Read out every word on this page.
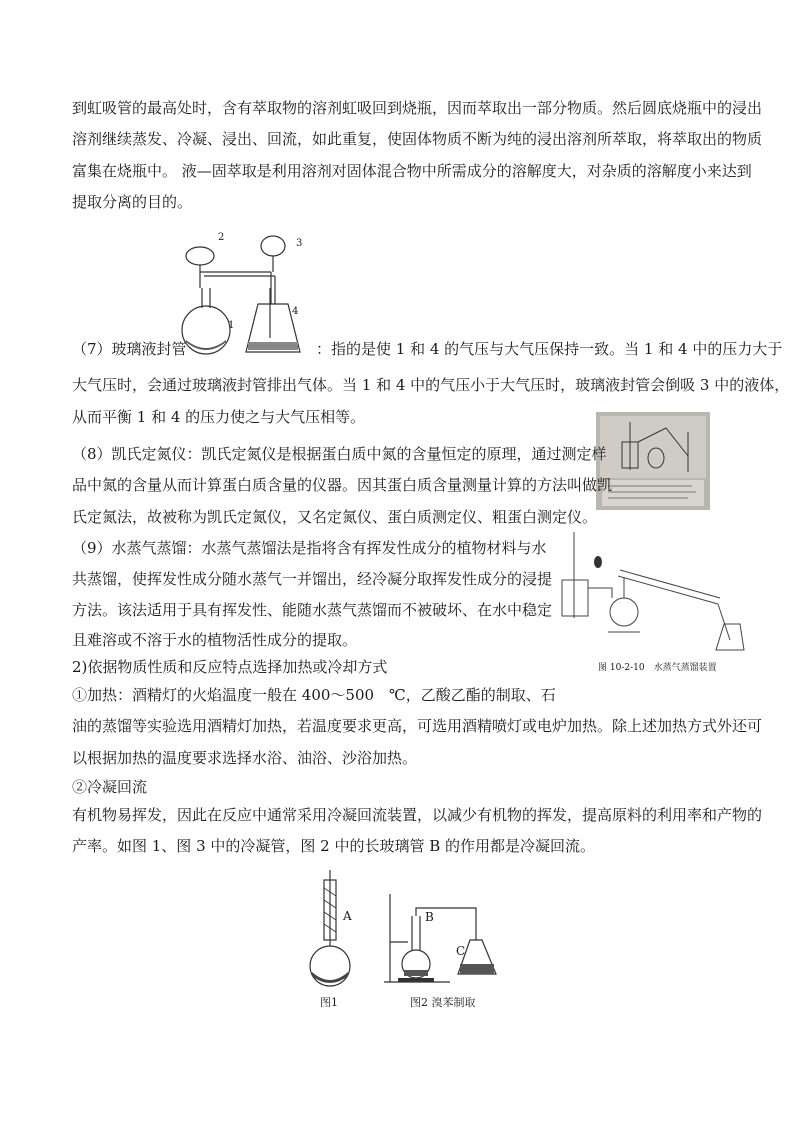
到虹吸管的最高处时，含有萃取物的溶剂虹吸回到烧瓶，因而萃取出一部分物质。然后圆底烧瓶中的浸出
溶剂继续蒸发、冷凝、浸出、回流，如此重复，使固体物质不断为纯的浸出溶剂所萃取，将萃取出的物质
富集在烧瓶中。 液—固萃取是利用溶剂对固体混合物中所需成分的溶解度大，对杂质的溶解度小来达到
提取分离的目的。
2
3
1
4
（7）玻璃液封管	：指的是使 1 和 4 的气压与大气压保持一致。当 1 和 4 中的压力大于
大气压时，会通过玻璃液封管排出气体。当 1 和 4 中的气压小于大气压时，玻璃液封管会倒吸 3 中的液体，
从而平衡 1 和 4 的压力使之与大气压相等。
（8）凯氏定氮仪：凯氏定氮仪是根据蛋白质中氮的含量恒定的原理，通过测定样
品中氮的含量从而计算蛋白质含量的仪器。因其蛋白质含量测量计算的方法叫做凯
氏定氮法，故被称为凯氏定氮仪，又名定氮仪、蛋白质测定仪、粗蛋白测定仪。
图 10-2-10　水蒸气蒸馏装置
（9）水蒸气蒸馏：水蒸气蒸馏法是指将含有挥发性成分的植物材料与水
共蒸馏，使挥发性成分随水蒸气一并馏出，经冷凝分取挥发性成分的浸提
方法。该法适用于具有挥发性、能随水蒸气蒸馏而不被破坏、在水中稳定
且难溶或不溶于水的植物活性成分的提取。
2)依据物质性质和反应特点选择加热或冷却方式
①加热：酒精灯的火焰温度一般在 400～500　℃，乙酸乙酯的制取、石
油的蒸馏等实验选用酒精灯加热，若温度要求更高，可选用酒精喷灯或电炉加热。除上述加热方式外还可
以根据加热的温度要求选择水浴、油浴、沙浴加热。
②冷凝回流
有机物易挥发，因此在反应中通常采用冷凝回流装置，以减少有机物的挥发，提高原料的利用率和产物的
产率。如图 1、图 3 中的冷凝管，图 2 中的长玻璃管 B 的作用都是冷凝回流。
A	B
C
图1	图2 溴苯制取
